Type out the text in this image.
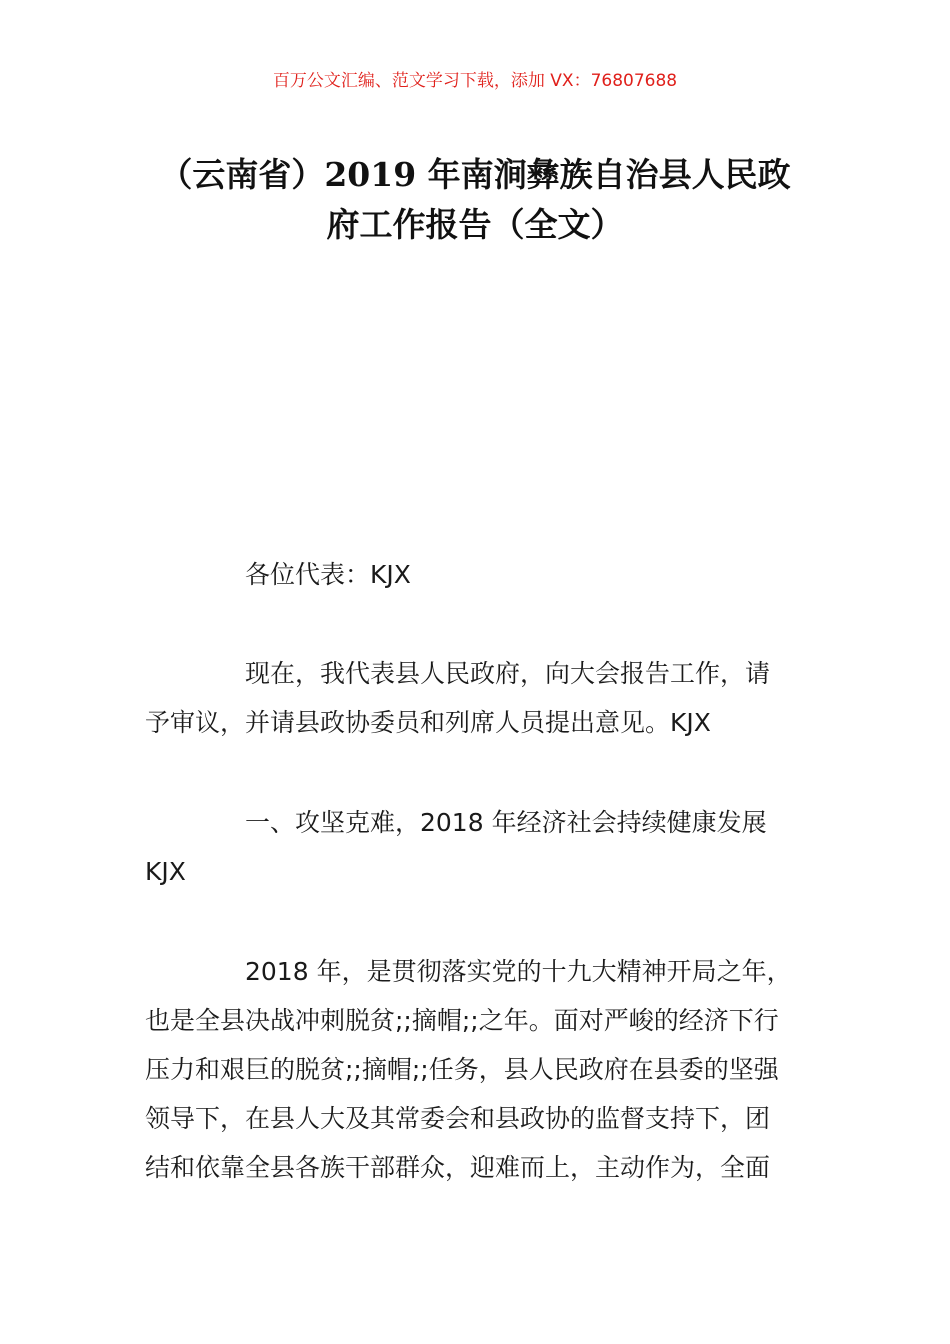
百万公文汇编、范文学习下载，添加 VX：76807688
（云南省）2019 年南涧彝族自治县人民政
府工作报告（全文）
各位代表：KJX
现在，我代表县人民政府，向大会报告工作，请
予审议，并请县政协委员和列席人员提出意见。KJX
一、攻坚克难，2018 年经济社会持续健康发展
KJX
2018 年，是贯彻落实党的十九大精神开局之年，
也是全县决战冲刺脱贫;;摘帽;;之年。面对严峻的经济下行
压力和艰巨的脱贫;;摘帽;;任务，县人民政府在县委的坚强
领导下，在县人大及其常委会和县政协的监督支持下，团
结和依靠全县各族干部群众，迎难而上，主动作为，全面
